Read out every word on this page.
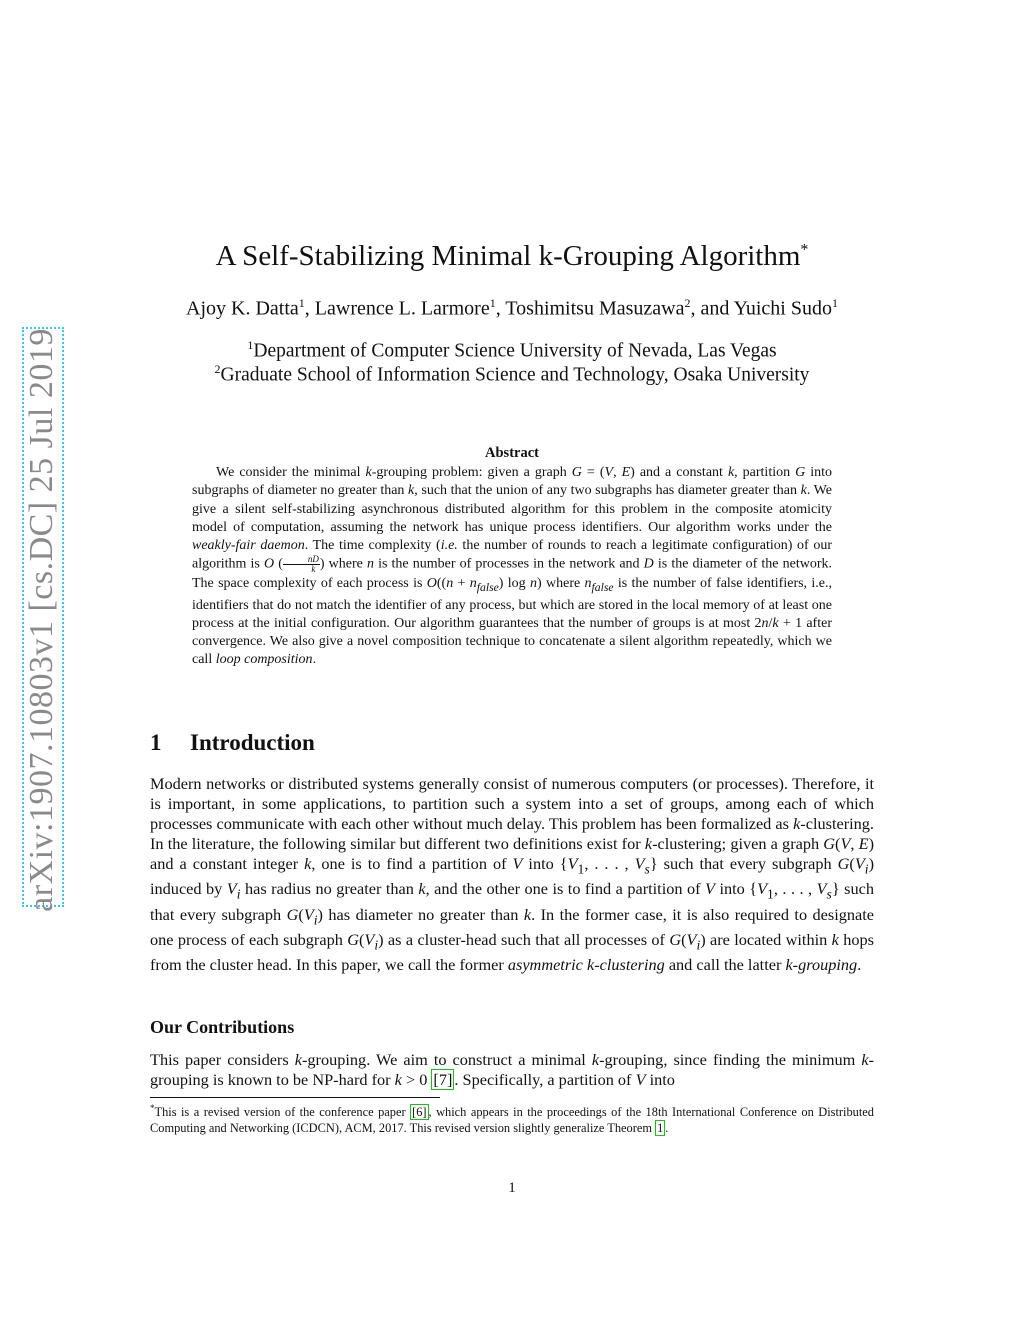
arXiv:1907.10803v1 [cs.DC] 25 Jul 2019
A Self-Stabilizing Minimal k-Grouping Algorithm*
Ajoy K. Datta$^1$, Lawrence L. Larmore$^1$, Toshimitsu Masuzawa$^2$, and Yuichi Sudo$^1$
$^1$Department of Computer Science University of Nevada, Las Vegas
$^2$Graduate School of Information Science and Technology, Osaka University
Abstract

We consider the minimal k-grouping problem: given a graph G = (V, E) and a constant k, partition G into subgraphs of diameter no greater than k, such that the union of any two subgraphs has diameter greater than k. We give a silent self-stabilizing asynchronous distributed algorithm for this problem in the composite atomicity model of computation, assuming the network has unique process identifiers. Our algorithm works under the weakly-fair daemon. The time complexity (i.e. the number of rounds to reach a legitimate configuration) of our algorithm is O ( $\frac{nD}{k}$ ) where n is the number of processes in the network and D is the diameter of the network. The space complexity of each process is $O((n + n_{false})$ log n) where $n_{false}$ is the number of false identifiers, i.e., identifiers that do not match the identifier of any process, but which are stored in the local memory of at least one process at the initial configuration. Our algorithm guarantees that the number of groups is at most 2n/k + 1 after convergence. We also give a novel composition technique to concatenate a silent algorithm repeatedly, which we call loop composition.

1 Introduction

Modern networks or distributed systems generally consist of numerous computers (or processes). Therefore, it is important, in some applications, to partition such a system into a set of groups, among each of which processes communicate with each other without much delay. This problem has been formalized as k-clustering. In the literature, the following similar but different two definitions exist for k-clustering; given a graph G(V, E) and a constant integer k, one is to find a partition of V into {$V_1$, . . . , $V_s$} such that every subgraph $G(V_i)$ induced by $V_i$ has radius no greater than k, and the other one is to find a partition of V into {$V_1$, . . . , $V_s$} such that every subgraph $G(V_i)$ has diameter no greater than k. In the former case, it is also required to designate one process of each subgraph $G(V_i)$ as a cluster-head such that all processes of $G(V_i)$ are located within k hops from the cluster head. In this paper, we call the former asymmetric k-clustering and call the latter k-grouping.

Our Contributions

This paper considers k-grouping. We aim to construct a minimal k-grouping, since finding the minimum k-grouping is known to be NP-hard for k > 0 [7] . Specifically, a partition of V into

*This is a revised version of the conference paper [6] , which appears in the proceedings of the 18th International Conference on Distributed Computing and Networking (ICDCN), ACM, 2017. This revised version slightly generalize Theorem 1 .
1
